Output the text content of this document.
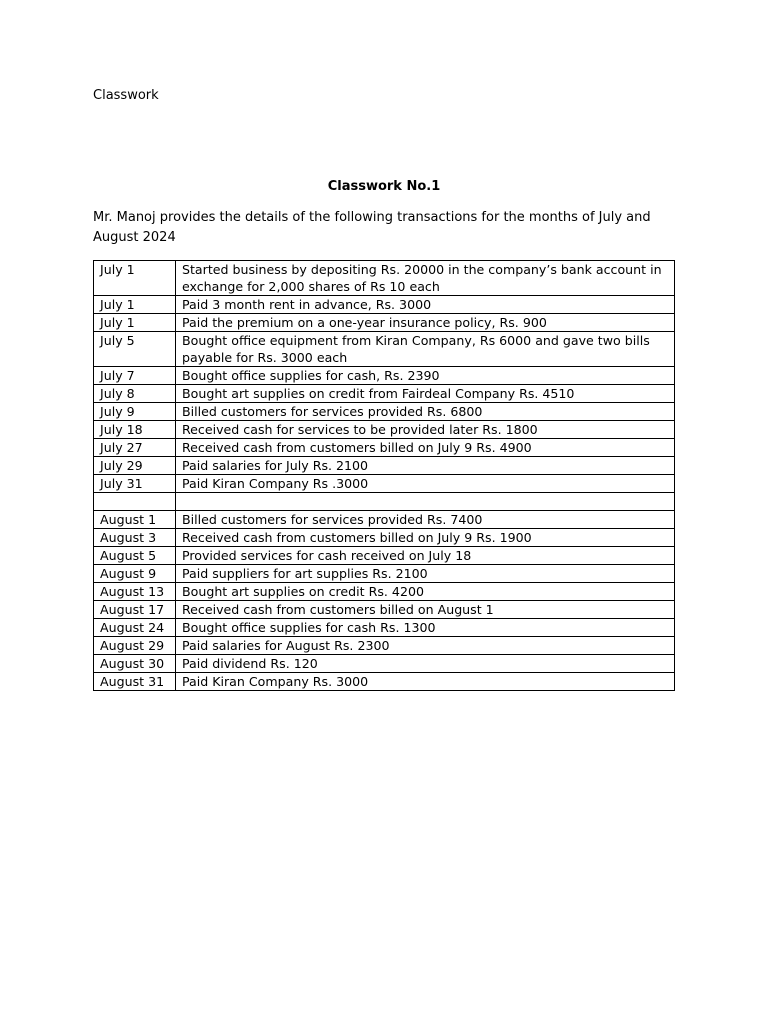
Classwork
Classwork No.1
Mr. Manoj provides the details of the following transactions for the months of July and August 2024
July 1	Started business by depositing Rs. 20000 in the company’s bank account in exchange for 2,000 shares of Rs 10 each
July 1	Paid 3 month rent in advance, Rs. 3000
July 1	Paid the premium on a one-year insurance policy, Rs. 900
July 5	Bought office equipment from Kiran Company, Rs 6000 and gave two bills payable for Rs. 3000 each
July 7	Bought office supplies for cash, Rs. 2390
July 8	Bought art supplies on credit from Fairdeal Company Rs. 4510
July 9	Billed customers for services provided Rs. 6800
July 18	Received cash for services to be provided later Rs. 1800
July 27	Received cash from customers billed on July 9 Rs. 4900
July 29	Paid salaries for July Rs. 2100
July 31	Paid Kiran Company Rs .3000

August 1	Billed customers for services provided Rs. 7400
August 3	Received cash from customers billed on July 9 Rs. 1900
August 5	Provided services for cash received on July 18
August 9	Paid suppliers for art supplies Rs. 2100
August 13	Bought art supplies on credit Rs. 4200
August 17	Received cash from customers billed on August 1
August 24	Bought office supplies for cash Rs. 1300
August 29	Paid salaries for August Rs. 2300
August 30	Paid dividend Rs. 120
August 31	Paid Kiran Company Rs. 3000
